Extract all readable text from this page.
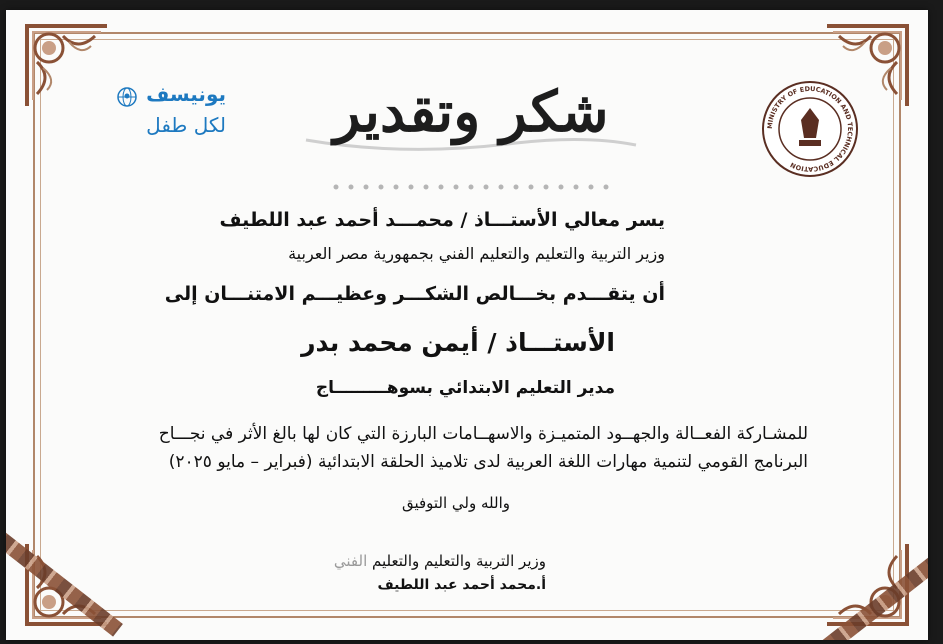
يونيسف
لكل طفل	شكر وتقدير	MINISTRY OF EDUCATION AND TECHNICAL EDUCATION
يسر معالي الأستـــاذ / محمـــد أحمد عبد اللطيف
وزير التربية والتعليم والتعليم الفني بجمهورية مصر العربية
أن يتقـــدم بخـــالص الشكـــر وعظيـــم الامتنـــان إلى
الأستـــاذ / أيمن محمد بدر
مدير التعليم الابتدائي بسوهـــــــــاج
للمشـاركة الفعــالة والجهــود المتميـزة والاسهــامات البارزة التي كان لها بالغ الأثر في نجـــاح
البرنامج القومي لتنمية مهارات اللغة العربية لدى تلاميذ الحلقة الابتدائية (فبراير – مايو ٢٠٢٥)
والله ولي التوفيق
وزير التربية والتعليم والتعليم الفني
أ.محمد أحمد عبد اللطيف
